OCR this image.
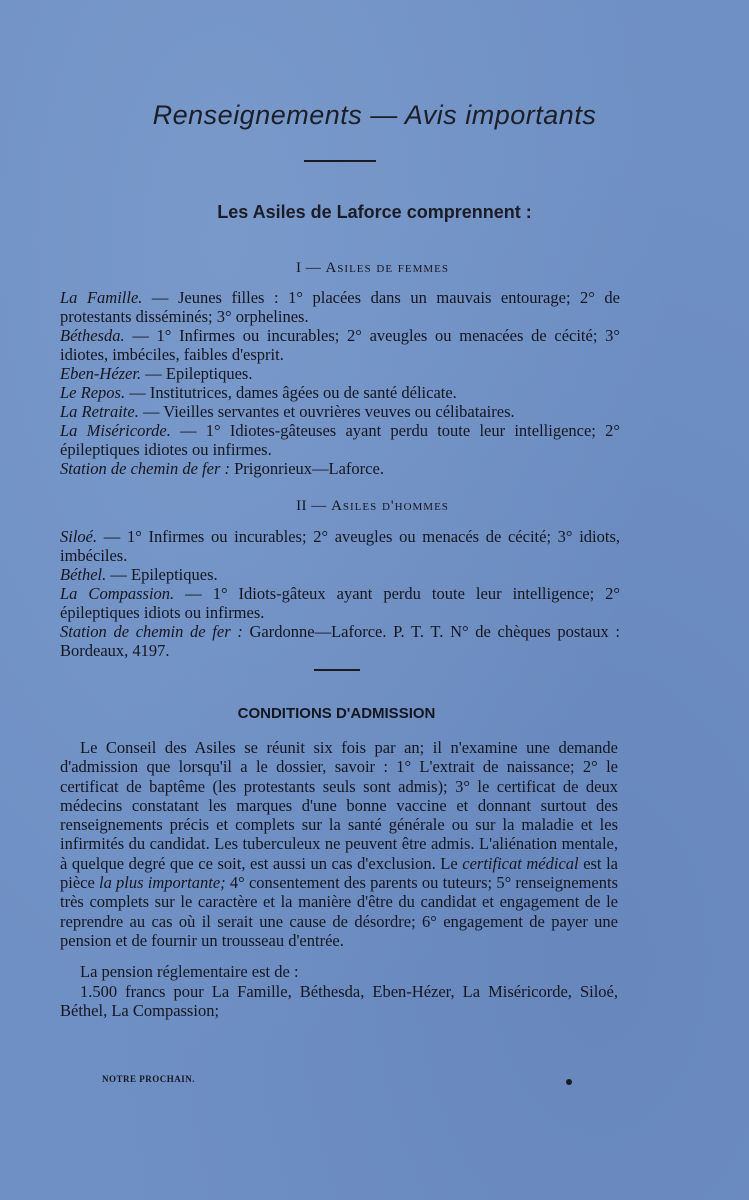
Renseignements — Avis importants
Les Asiles de Laforce comprennent :
I — Asiles de femmes

La Famille. — Jeunes filles : 1° placées dans un mauvais entourage; 2° de protestants disséminés; 3° orphelines.

Béthesda. — 1° Infirmes ou incurables; 2° aveugles ou menacées de cécité; 3° idiotes, imbéciles, faibles d'esprit.

Eben-Hézer. — Epileptiques.

Le Repos. — Institutrices, dames âgées ou de santé délicate.

La Retraite. — Vieilles servantes et ouvrières veuves ou célibataires.

La Miséricorde. — 1° Idiotes-gâteuses ayant perdu toute leur intelligence; 2° épileptiques idiotes ou infirmes.

Station de chemin de fer : Prigonrieux—Laforce.

II — Asiles d'hommes

Siloé. — 1° Infirmes ou incurables; 2° aveugles ou menacés de cécité; 3° idiots, imbéciles.

Béthel. — Epileptiques.

La Compassion. — 1° Idiots-gâteux ayant perdu toute leur intelligence; 2° épileptiques idiots ou infirmes.

Station de chemin de fer : Gardonne—Laforce. P. T. T. N° de chèques postaux : Bordeaux, 4197.

CONDITIONS D'ADMISSION

Le Conseil des Asiles se réunit six fois par an; il n'examine une demande d'admission que lorsqu'il a le dossier, savoir : 1° L'extrait de naissance; 2° le certificat de baptême (les protestants seuls sont admis); 3° le certificat de deux médecins constatant les marques d'une bonne vaccine et donnant surtout des renseignements précis et complets sur la santé générale ou sur la maladie et les infirmités du candidat. Les tuberculeux ne peuvent être admis. L'aliénation mentale, à quelque degré que ce soit, est aussi un cas d'exclusion. Le certificat médical est la pièce la plus importante; 4° consentement des parents ou tuteurs; 5° renseignements très complets sur le caractère et la manière d'être du candidat et engagement de le reprendre au cas où il serait une cause de désordre; 6° engagement de payer une pension et de fournir un trousseau d'entrée.

La pension réglementaire est de :

1.500 francs pour La Famille, Béthesda, Eben-Hézer, La Miséricorde, Siloé, Béthel, La Compassion;

NOTRE PROCHAIN.
